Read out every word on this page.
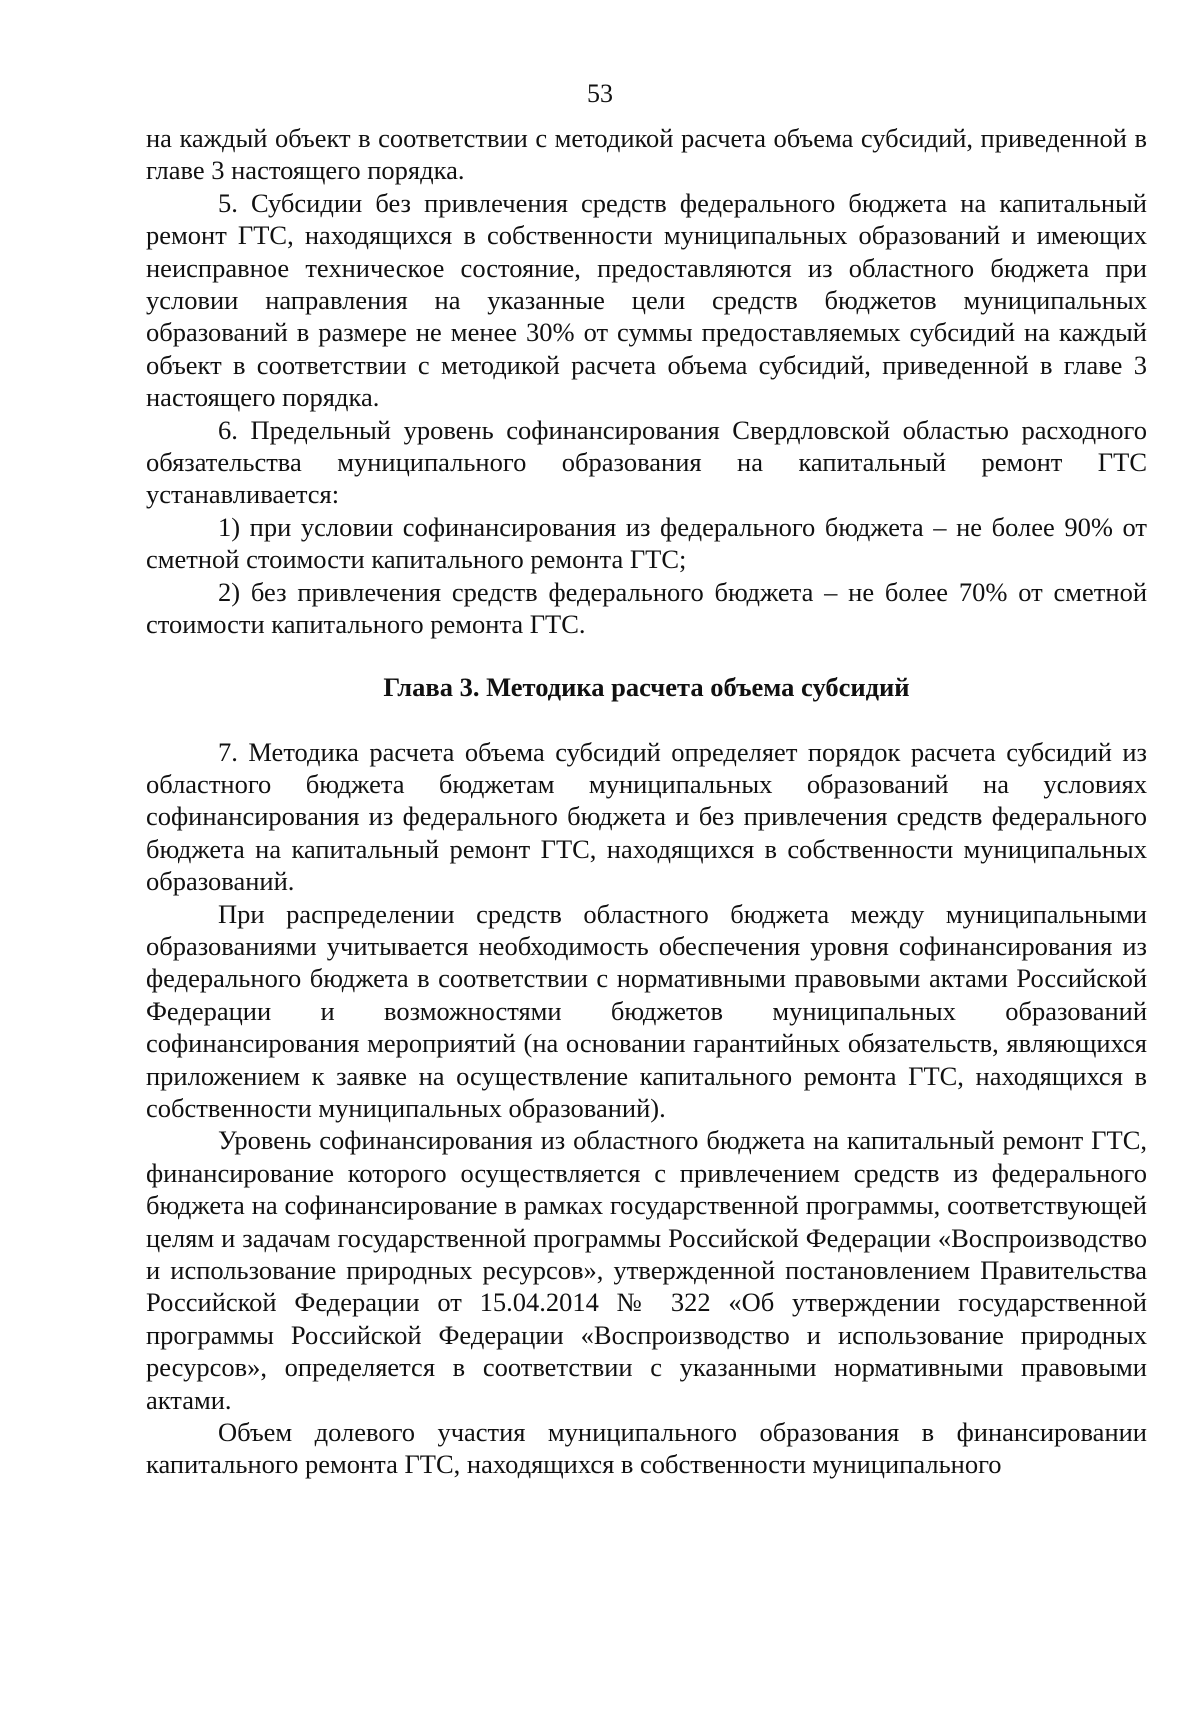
53

на каждый объект в соответствии с методикой расчета объема субсидий, приведенной в главе 3 настоящего порядка.

5. Субсидии без привлечения средств федерального бюджета на капитальный ремонт ГТС, находящихся в собственности муниципальных образований и имеющих неисправное техническое состояние, предоставляются из областного бюджета при условии направления на указанные цели средств бюджетов муниципальных образований в размере не менее 30% от суммы предоставляемых субсидий на каждый объект в соответствии с методикой расчета объема субсидий, приведенной в главе 3 настоящего порядка.

6. Предельный уровень софинансирования Свердловской областью расходного обязательства муниципального образования на капитальный ремонт ГТС устанавливается:

1) при условии софинансирования из федерального бюджета – не более 90% от сметной стоимости капитального ремонта ГТС;

2) без привлечения средств федерального бюджета – не более 70% от сметной стоимости капитального ремонта ГТС.

Глава 3. Методика расчета объема субсидий

7. Методика расчета объема субсидий определяет порядок расчета субсидий из областного бюджета бюджетам муниципальных образований на условиях софинансирования из федерального бюджета и без привлечения средств федерального бюджета на капитальный ремонт ГТС, находящихся в собственности муниципальных образований.

При распределении средств областного бюджета между муниципальными образованиями учитывается необходимость обеспечения уровня софинансирования из федерального бюджета в соответствии с нормативными правовыми актами Российской Федерации и возможностями бюджетов муниципальных образований софинансирования мероприятий (на основании гарантийных обязательств, являющихся приложением к заявке на осуществление капитального ремонта ГТС, находящихся в собственности муниципальных образований).

Уровень софинансирования из областного бюджета на капитальный ремонт ГТС, финансирование которого осуществляется с привлечением средств из федерального бюджета на софинансирование в рамках государственной программы, соответствующей целям и задачам государственной программы Российской Федерации «Воспроизводство и использование природных ресурсов», утвержденной постановлением Правительства Российской Федерации от 15.04.2014 № 322 «Об утверждении государственной программы Российской Федерации «Воспроизводство и использование природных ресурсов», определяется в соответствии с указанными нормативными правовыми актами.

Объем долевого участия муниципального образования в финансировании капитального ремонта ГТС, находящихся в собственности муниципального
